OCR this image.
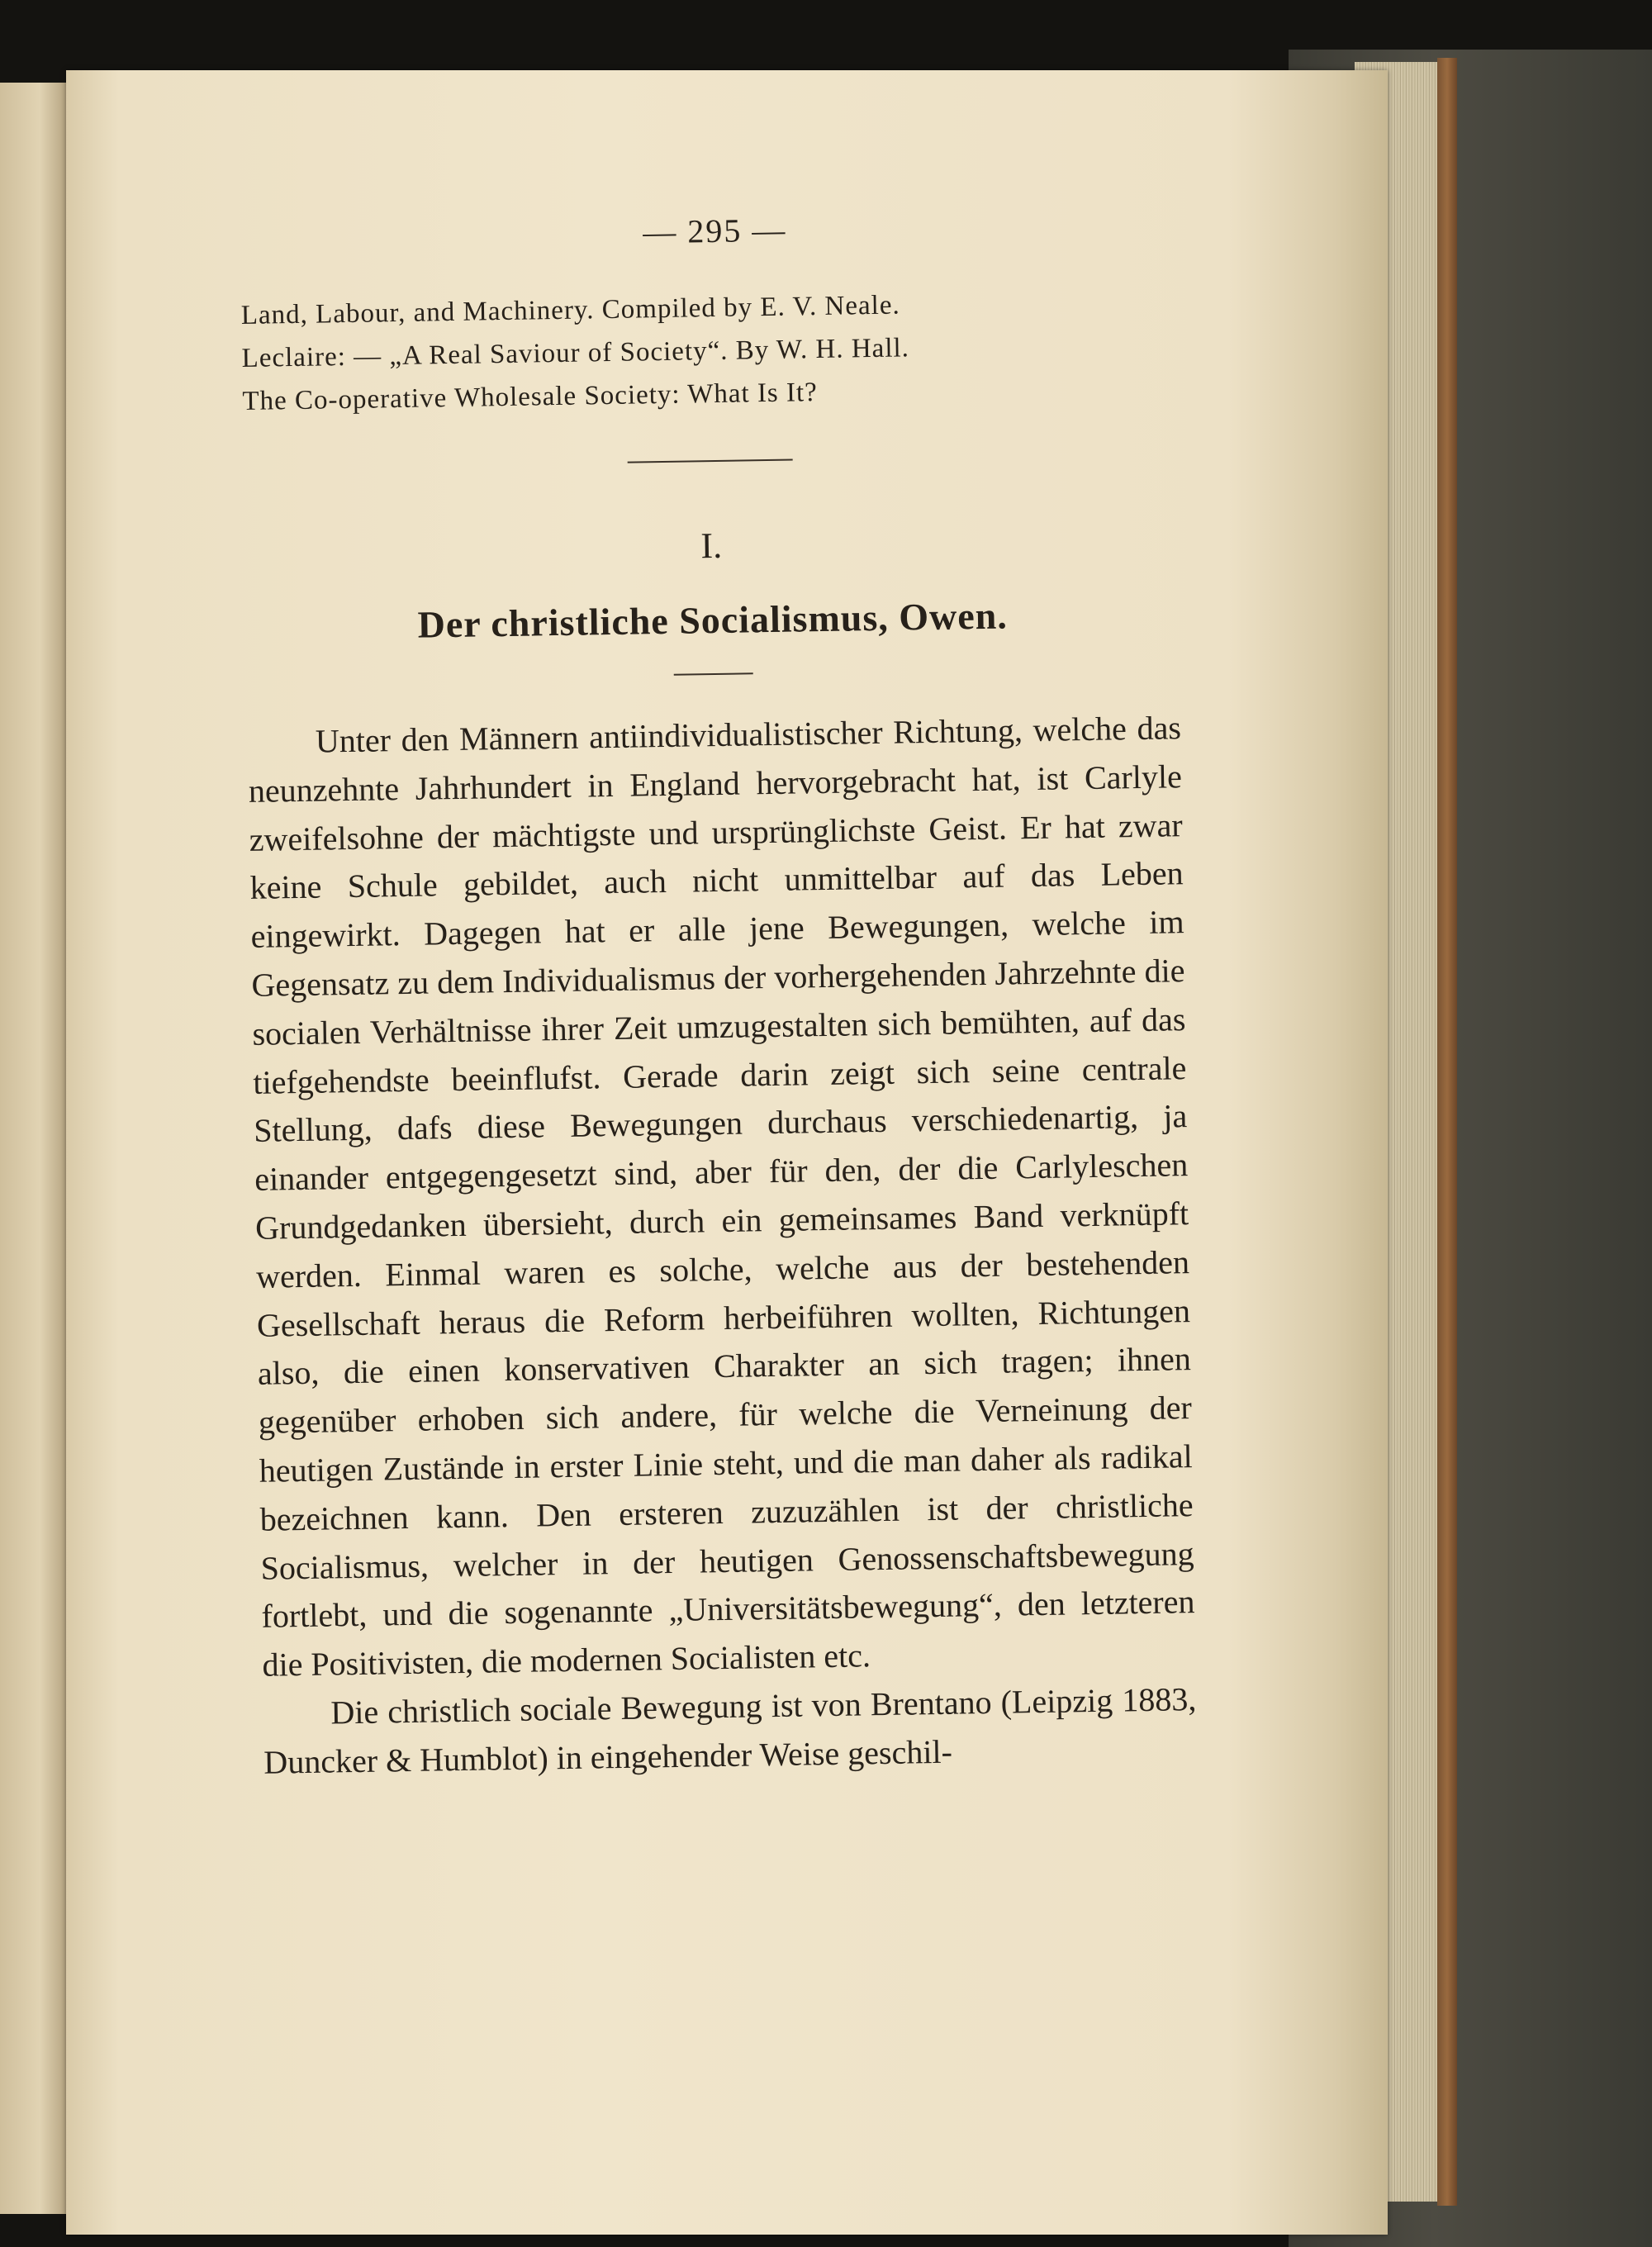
— 295 —
Land, Labour, and Machinery. Compiled by E. V. Neale.
Leclaire: — „A Real Saviour of Society“. By W. H. Hall.
The Co-operative Wholesale Society: What Is It?
I.
Der christliche Socialismus, Owen.

Unter den Männern antiindividualistischer Richtung, welche das neunzehnte Jahrhundert in England hervorgebracht hat, ist Carlyle zweifelsohne der mächtigste und ursprünglichste Geist. Er hat zwar keine Schule gebildet, auch nicht unmittelbar auf das Leben eingewirkt. Dagegen hat er alle jene Bewegungen, welche im Gegensatz zu dem Individualismus der vorhergehenden Jahrzehnte die socialen Verhältnisse ihrer Zeit umzugestalten sich bemühten, auf das tiefgehendste beeinflufst. Gerade darin zeigt sich seine centrale Stellung, dafs diese Bewegungen durchaus verschiedenartig, ja einander entgegengesetzt sind, aber für den, der die Carlyleschen Grundgedanken übersieht, durch ein gemeinsames Band verknüpft werden. Einmal waren es solche, welche aus der bestehenden Gesellschaft heraus die Reform herbeiführen wollten, Richtungen also, die einen konservativen Charakter an sich tragen; ihnen gegenüber erhoben sich andere, für welche die Verneinung der heutigen Zustände in erster Linie steht, und die man daher als radikal bezeichnen kann. Den ersteren zuzuzählen ist der christliche Socialismus, welcher in der heutigen Genossenschaftsbewegung fortlebt, und die sogenannte „Universitätsbewegung“, den letzteren die Positivisten, die modernen Socialisten etc.

Die christlich sociale Bewegung ist von Brentano (Leipzig 1883, Duncker & Humblot) in eingehender Weise geschil-
